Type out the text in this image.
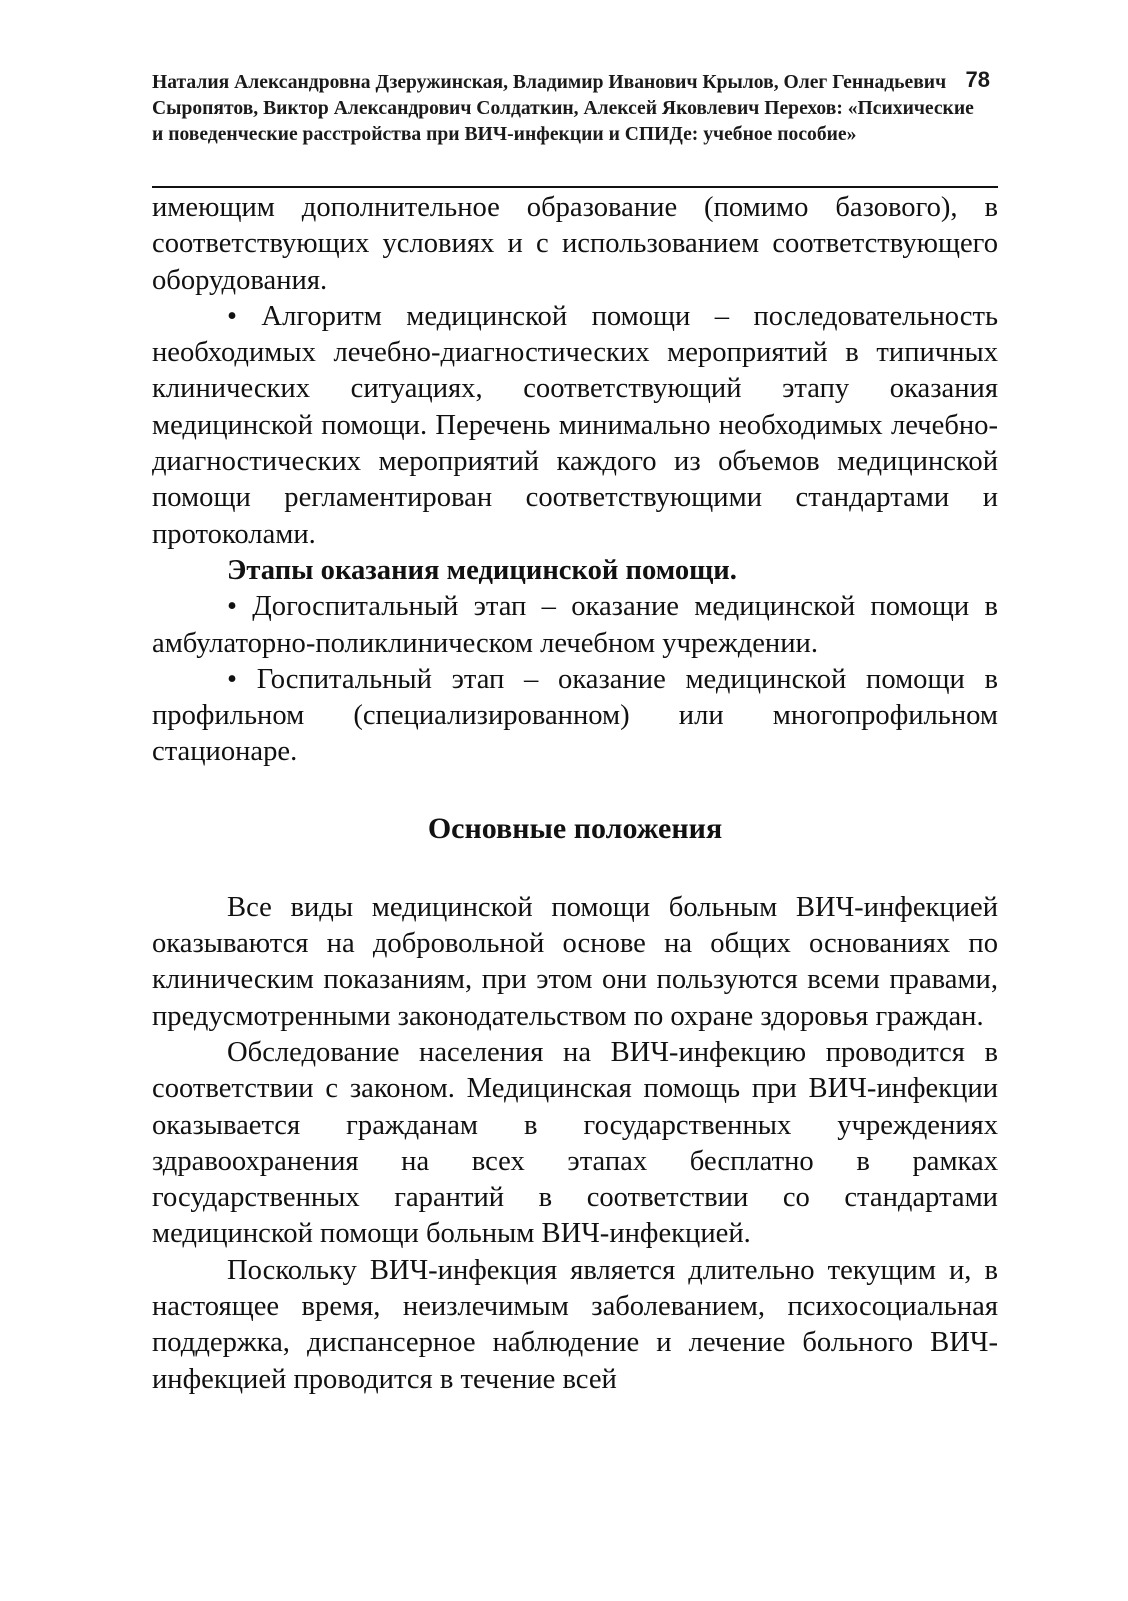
Наталия Александровна Дзеружинская, Владимир Иванович Крылов, Олег Геннадьевич Сыропятов, Виктор Александрович Солдаткин, Алексей Яковлевич Перехов: «Психические и поведенческие расстройства при ВИЧ-инфекции и СПИДе: учебное пособие»

78

имеющим дополнительное образование (помимо базового), в соответствующих условиях и с использованием соответствующего оборудования.

• Алгоритм медицинской помощи – последовательность необходимых лечебно-диагностических мероприятий в типичных клинических ситуациях, соответствующий этапу оказания медицинской помощи. Перечень минимально необходимых лечебно-диагностических мероприятий каждого из объемов медицинской помощи регламентирован соответствующими стандартами и протоколами.

Этапы оказания медицинской помощи.

• Догоспитальный этап – оказание медицинской помощи в амбулаторно-поликлиническом лечебном учреждении.

• Госпитальный этап – оказание медицинской помощи в профильном (специализированном) или многопрофильном стационаре.

Основные положения

Все виды медицинской помощи больным ВИЧ-инфекцией оказываются на добровольной основе на общих основаниях по клиническим показаниям, при этом они пользуются всеми правами, предусмотренными законодательством по охране здоровья граждан.

Обследование населения на ВИЧ-инфекцию проводится в соответствии с законом. Медицинская помощь при ВИЧ-инфекции оказывается гражданам в государственных учреждениях здравоохранения на всех этапах бесплатно в рамках государственных гарантий в соответствии со стандартами медицинской помощи больным ВИЧ-инфекцией.

Поскольку ВИЧ-инфекция является длительно текущим и, в настоящее время, неизлечимым заболеванием, психосоциальная поддержка, диспансерное наблюдение и лечение больного ВИЧ-инфекцией проводится в течение всей
